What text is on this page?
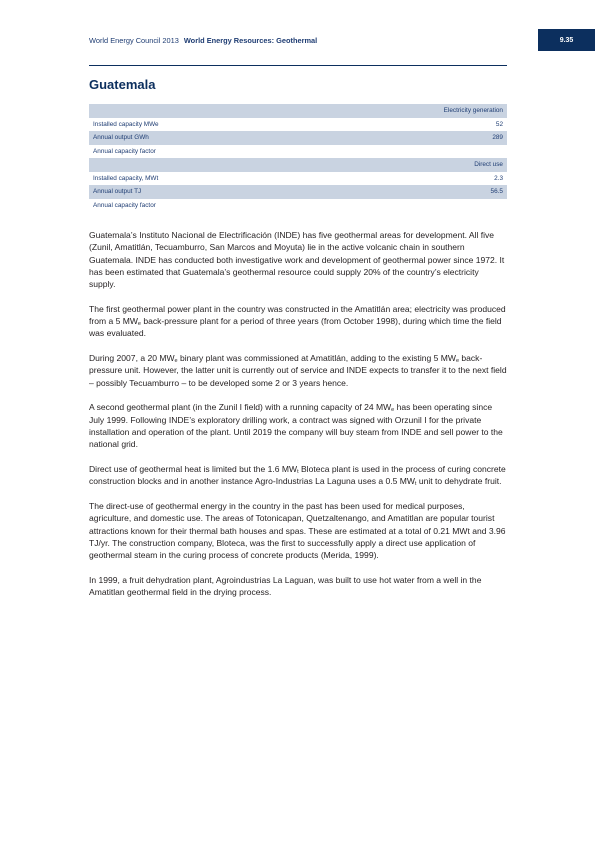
World Energy Council 2013 World Energy Resources: Geothermal	9.35
Guatemala
Electricity generation
Installed capacity MWe	52
Annual output GWh	289
Annual capacity factor
Direct use
Installed capacity, MWt	2.3
Annual output TJ	56.5
Annual capacity factor

Guatemala’s Instituto Nacional de Electrificación (INDE) has five geothermal areas for development. All five (Zunil, Amatitlán, Tecuamburro, San Marcos and Moyuta) lie in the active volcanic chain in southern Guatemala. INDE has conducted both investigative work and development of geothermal power since 1972. It has been estimated that Guatemala’s geothermal resource could supply 20% of the country’s electricity supply.

The first geothermal power plant in the country was constructed in the Amatitlán area; electricity was produced from a 5 $MW_e$ back-pressure plant for a period of three years (from October 1998), during which time the field was evaluated.

During 2007, a 20 $MW_e$ binary plant was commissioned at Amatitlán, adding to the existing 5 $MW_e$ back-pressure unit. However, the latter unit is currently out of service and INDE expects to transfer it to the next field – possibly Tecuamburro – to be developed some 2 or 3 years hence.

A second geothermal plant (in the Zunil I field) with a running capacity of 24 $MW_e$ has been operating since July 1999. Following INDE’s exploratory drilling work, a contract was signed with Orzunil I for the private installation and operation of the plant. Until 2019 the company will buy steam from INDE and sell power to the national grid.

Direct use of geothermal heat is limited but the 1.6 $MW_t$ Bloteca plant is used in the process of curing concrete construction blocks and in another instance Agro-Industrias La Laguna uses a 0.5 $MW_t$ unit to dehydrate fruit.

The direct-use of geothermal energy in the country in the past has been used for medical purposes, agriculture, and domestic use. The areas of Totonicapan, Quetzaltenango, and Amatitlan are popular tourist attractions known for their thermal bath houses and spas. These are estimated at a total of 0.21 MWt and 3.96 TJ/yr. The construction company, Bloteca, was the first to successfully apply a direct use application of geothermal steam in the curing process of concrete products (Merida, 1999).

In 1999, a fruit dehydration plant, Agroindustrias La Laguan, was built to use hot water from a well in the Amatitlan geothermal field in the drying process.
